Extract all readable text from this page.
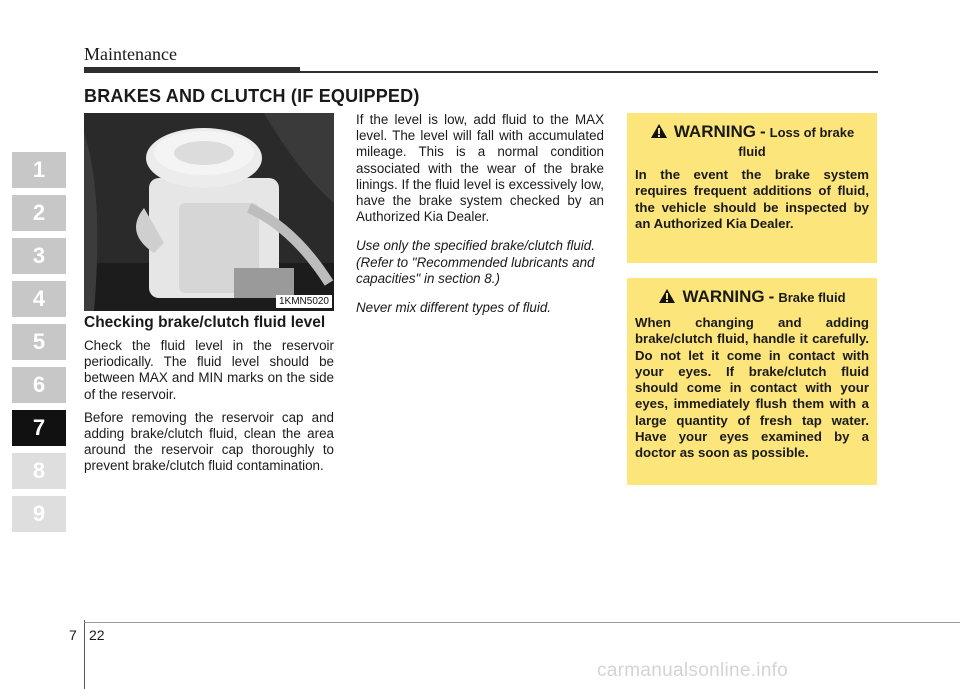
Maintenance
BRAKES AND CLUTCH (IF EQUIPPED)
1
2
3
4
5
6
7
8
9
1KMN5020
Checking brake/clutch fluid level
Check the fluid level in the reservoir periodically. The fluid level should be between MAX and MIN marks on the side of the reservoir.
Before removing the reservoir cap and adding brake/clutch fluid, clean the area around the reservoir cap thoroughly to prevent brake/clutch fluid contamination.
If the level is low, add fluid to the MAX level. The level will fall with accumulated mileage. This is a normal condition associated with the wear of the brake linings. If the fluid level is excessively low, have the brake system checked by an Authorized Kia Dealer.
Use only the specified brake/clutch fluid. (Refer to "Recommended lubricants and capacities" in section 8.)
Never mix different types of fluid.
WARNING - Loss of brake
fluid
In the event the brake system requires frequent additions of fluid, the vehicle should be inspected by an Authorized Kia Dealer.
WARNING - Brake fluid
When changing and adding brake/clutch fluid, handle it carefully. Do not let it come in contact with your eyes. If brake/clutch fluid should come in contact with your eyes, immediately flush them with a large quantity of fresh tap water. Have your eyes examined by a doctor as soon as possible.
7 22
carmanualsonline.info
